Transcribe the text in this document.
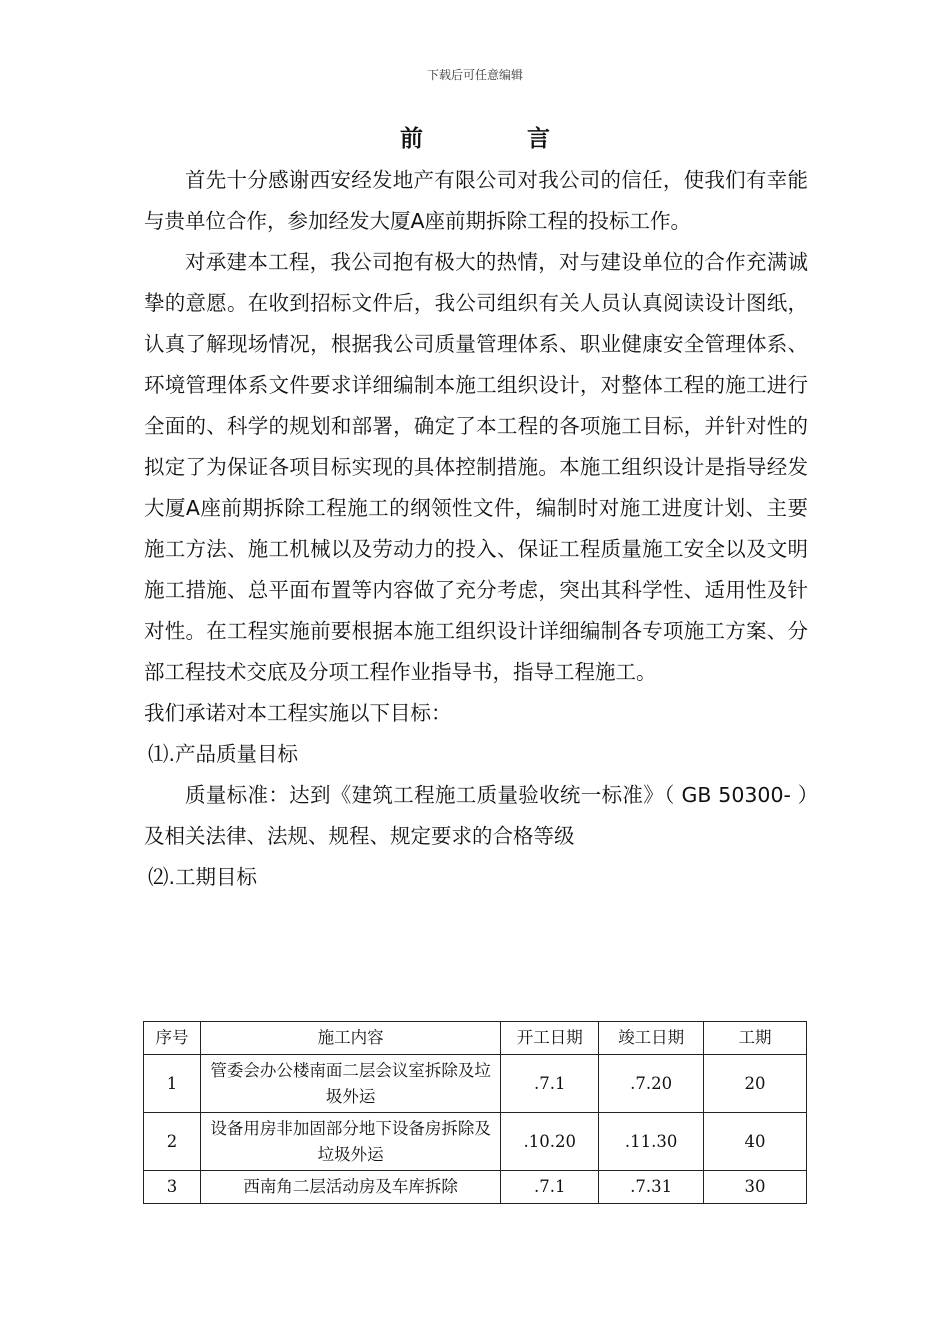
下载后可任意编辑
前 言

首先十分感谢西安经发地产有限公司对我公司的信任，使我们有幸能与贵单位合作，参加经发大厦A座前期拆除工程的投标工作。

对承建本工程，我公司抱有极大的热情，对与建设单位的合作充满诚挚的意愿。在收到招标文件后，我公司组织有关人员认真阅读设计图纸，认真了解现场情况，根据我公司质量管理体系、职业健康安全管理体系、环境管理体系文件要求详细编制本施工组织设计，对整体工程的施工进行全面的、科学的规划和部署，确定了本工程的各项施工目标，并针对性的拟定了为保证各项目标实现的具体控制措施。本施工组织设计是指导经发大厦A座前期拆除工程施工的纲领性文件，编制时对施工进度计划、主要施工方法、施工机械以及劳动力的投入、保证工程质量施工安全以及文明施工措施、总平面布置等内容做了充分考虑，突出其科学性、适用性及针对性。在工程实施前要根据本施工组织设计详细编制各专项施工方案、分部工程技术交底及分项工程作业指导书，指导工程施工。

我们承诺对本工程实施以下目标：

⑴.产品质量目标

质量标准：达到《建筑工程施工质量验收统一标准》（ GB 50300- ）及相关法律、法规、规程、规定要求的合格等级

⑵.工期目标

序号	施工内容	开工日期	竣工日期	工期
1	管委会办公楼南面二层会议室拆除及垃圾外运	.7.1	.7.20	20
2	设备用房非加固部分地下设备房拆除及垃圾外运	.10.20	.11.30	40
3	西南角二层活动房及车库拆除	.7.1	.7.31	30
